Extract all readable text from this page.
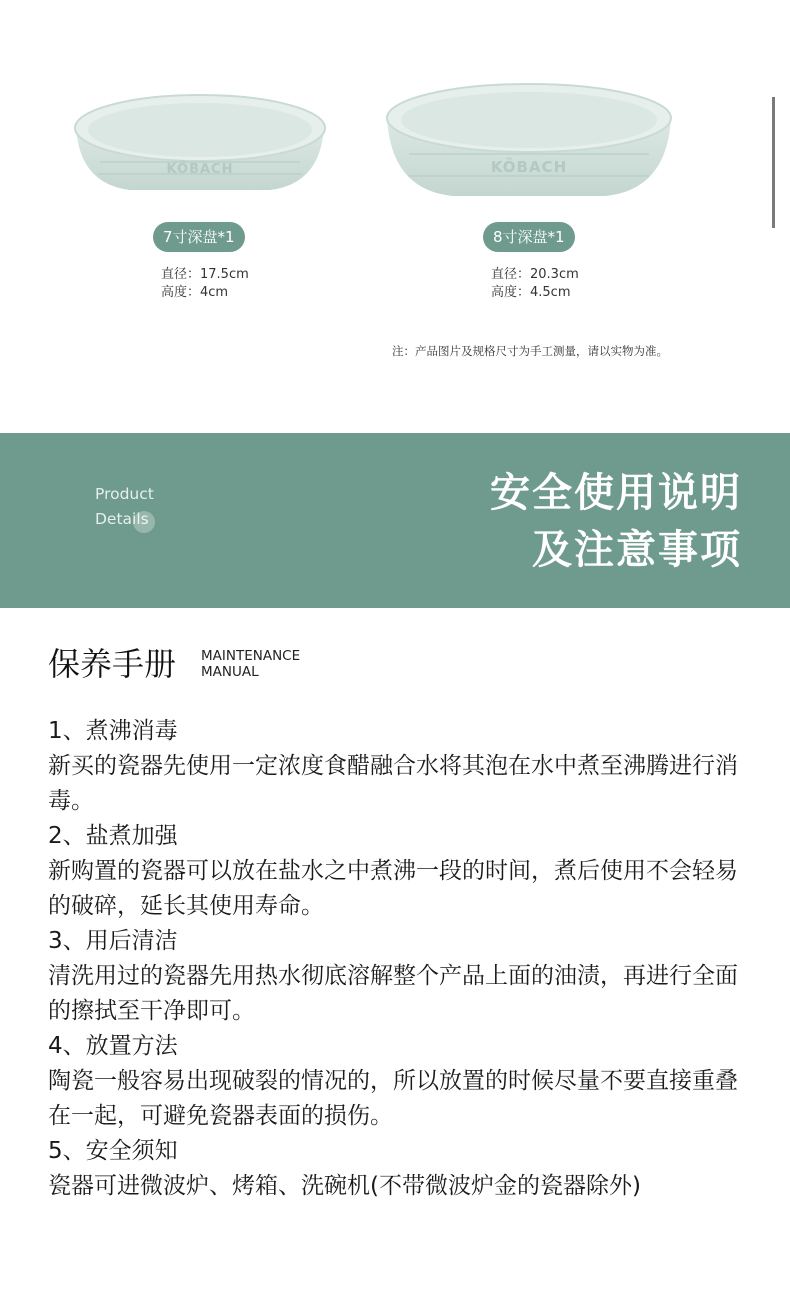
KÖBACH	KÖBACH
7寸深盘*1	8寸深盘*1
直径：17.5cm
高度：4cm
直径：20.3cm
高度：4.5cm
注：产品图片及规格尺寸为手工测量，请以实物为准。
Product
Details
安全使用说明
及注意事项
保养手册 MAINTENANCE
MANUAL
1、煮沸消毒

新买的瓷器先使用一定浓度食醋融合水将其泡在水中煮至沸腾进行消毒。

2、盐煮加强

新购置的瓷器可以放在盐水之中煮沸一段的时间，煮后使用不会轻易的破碎，延长其使用寿命。

3、用后清洁

清洗用过的瓷器先用热水彻底溶解整个产品上面的油渍，再进行全面的擦拭至干净即可。

4、放置方法

陶瓷一般容易出现破裂的情况的，所以放置的时候尽量不要直接重叠在一起，可避免瓷器表面的损伤。

5、安全须知

瓷器可进微波炉、烤箱、洗碗机(不带微波炉金的瓷器除外)
